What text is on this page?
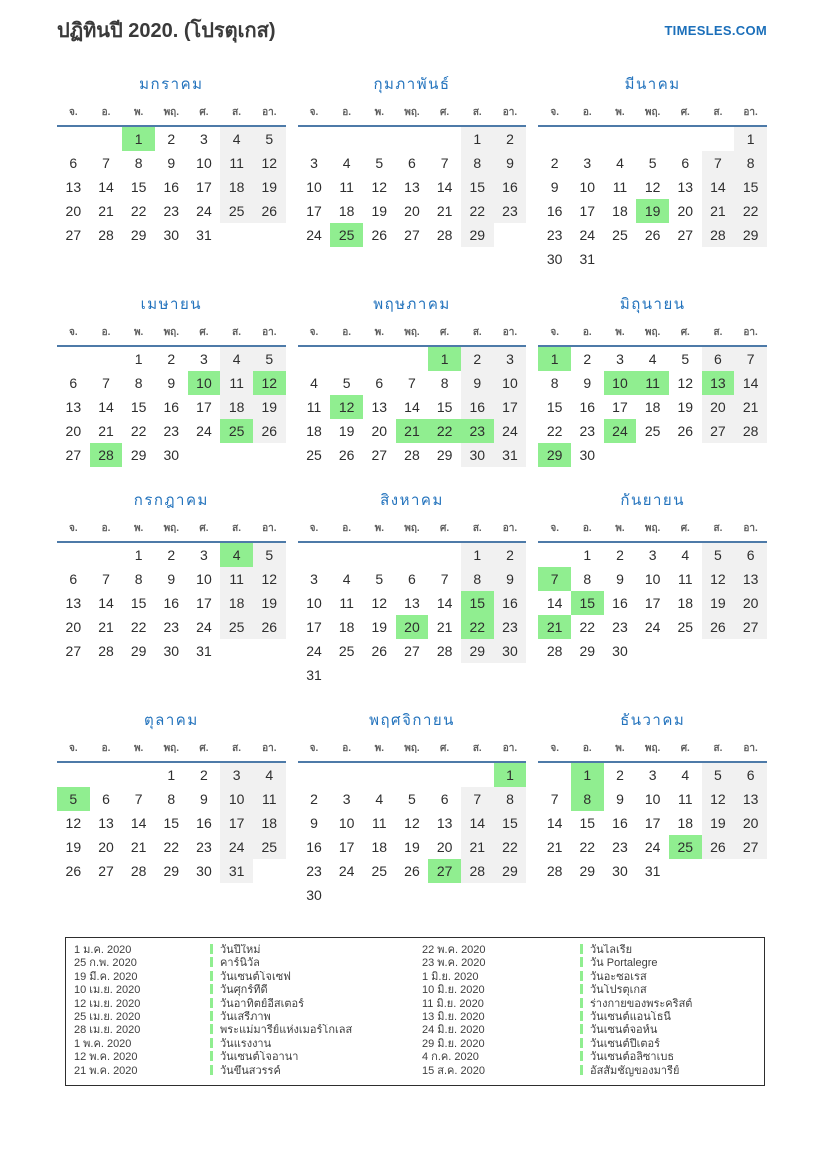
ปฏิทินปี 2020. (โปรตุเกส)	TIMESLES.COM
มกราคม
จ.	อ.	พ.	พฤ.	ศ.	ส.	อา.
		1	2	3	4	5
6	7	8	9	10	11	12
13	14	15	16	17	18	19
20	21	22	23	24	25	26
27	28	29	30	31		
กุมภาพันธ์
จ.	อ.	พ.	พฤ.	ศ.	ส.	อา.
					1	2
3	4	5	6	7	8	9
10	11	12	13	14	15	16
17	18	19	20	21	22	23
24	25	26	27	28	29	
มีนาคม
จ.	อ.	พ.	พฤ.	ศ.	ส.	อา.
						1
2	3	4	5	6	7	8
9	10	11	12	13	14	15
16	17	18	19	20	21	22
23	24	25	26	27	28	29
30	31					
เมษายน
จ.	อ.	พ.	พฤ.	ศ.	ส.	อา.
		1	2	3	4	5
6	7	8	9	10	11	12
13	14	15	16	17	18	19
20	21	22	23	24	25	26
27	28	29	30			
พฤษภาคม
จ.	อ.	พ.	พฤ.	ศ.	ส.	อา.
				1	2	3
4	5	6	7	8	9	10
11	12	13	14	15	16	17
18	19	20	21	22	23	24
25	26	27	28	29	30	31
มิถุนายน
จ.	อ.	พ.	พฤ.	ศ.	ส.	อา.
1	2	3	4	5	6	7
8	9	10	11	12	13	14
15	16	17	18	19	20	21
22	23	24	25	26	27	28
29	30					
กรกฎาคม
จ.	อ.	พ.	พฤ.	ศ.	ส.	อา.
		1	2	3	4	5
6	7	8	9	10	11	12
13	14	15	16	17	18	19
20	21	22	23	24	25	26
27	28	29	30	31		
สิงหาคม
จ.	อ.	พ.	พฤ.	ศ.	ส.	อา.
					1	2
3	4	5	6	7	8	9
10	11	12	13	14	15	16
17	18	19	20	21	22	23
24	25	26	27	28	29	30
31						
กันยายน
จ.	อ.	พ.	พฤ.	ศ.	ส.	อา.
	1	2	3	4	5	6
7	8	9	10	11	12	13
14	15	16	17	18	19	20
21	22	23	24	25	26	27
28	29	30				
ตุลาคม
จ.	อ.	พ.	พฤ.	ศ.	ส.	อา.
			1	2	3	4
5	6	7	8	9	10	11
12	13	14	15	16	17	18
19	20	21	22	23	24	25
26	27	28	29	30	31	
พฤศจิกายน
จ.	อ.	พ.	พฤ.	ศ.	ส.	อา.
						1
2	3	4	5	6	7	8
9	10	11	12	13	14	15
16	17	18	19	20	21	22
23	24	25	26	27	28	29
30						
ธันวาคม
จ.	อ.	พ.	พฤ.	ศ.	ส.	อา.
	1	2	3	4	5	6
7	8	9	10	11	12	13
14	15	16	17	18	19	20
21	22	23	24	25	26	27
28	29	30	31			
1 ม.ค. 2020	วันปีใหม่	22 พ.ค. 2020	วันไลเรีย
25 ก.พ. 2020	คาร์นิวัล	23 พ.ค. 2020	วัน Portalegre
19 มี.ค. 2020	วันเซนต์โจเซฟ	1 มิ.ย. 2020	วันอะซอเรส
10 เม.ย. 2020	วันศุกร์ที่ดี	10 มิ.ย. 2020	วันโปรตุเกส
12 เม.ย. 2020	วันอาทิตย์อีสเตอร์	11 มิ.ย. 2020	ร่างกายของพระคริสต์
25 เม.ย. 2020	วันเสรีภาพ	13 มิ.ย. 2020	วันเซนต์แอนโธนี
28 เม.ย. 2020	พระแม่มารีย์แห่งเมอร์โกเลส	24 มิ.ย. 2020	วันเซนต์จอห์น
1 พ.ค. 2020	วันแรงงาน	29 มิ.ย. 2020	วันเซนต์ปีเตอร์
12 พ.ค. 2020	วันเซนต์โจอานา	4 ก.ค. 2020	วันเซนต์อลิซาเบธ
21 พ.ค. 2020	วันขึ้นสวรรค์	15 ส.ค. 2020	อัสสัมชัญของมารีย์
